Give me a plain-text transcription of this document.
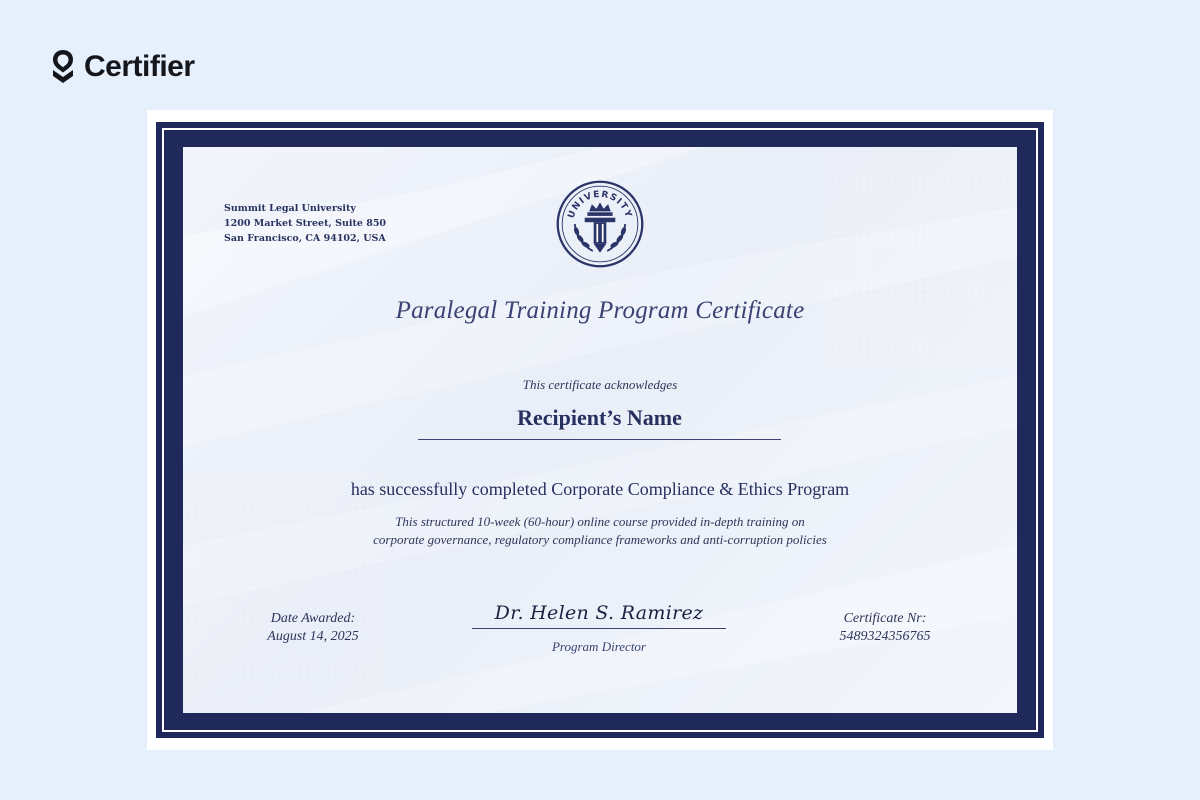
Certifier
Summit Legal University
1200 Market Street, Suite 850
San Francisco, CA 94102, USA
UNIVERSITY
Paralegal Training Program Certificate
This certificate acknowledges
Recipient’s Name
has successfully completed Corporate Compliance & Ethics Program
This structured 10-week (60-hour) online course provided in-depth training on
corporate governance, regulatory compliance frameworks and anti-corruption policies
Date Awarded:
August 14, 2025
Dr. Helen S. Ramirez
Program Director
Certificate Nr:
5489324356765
